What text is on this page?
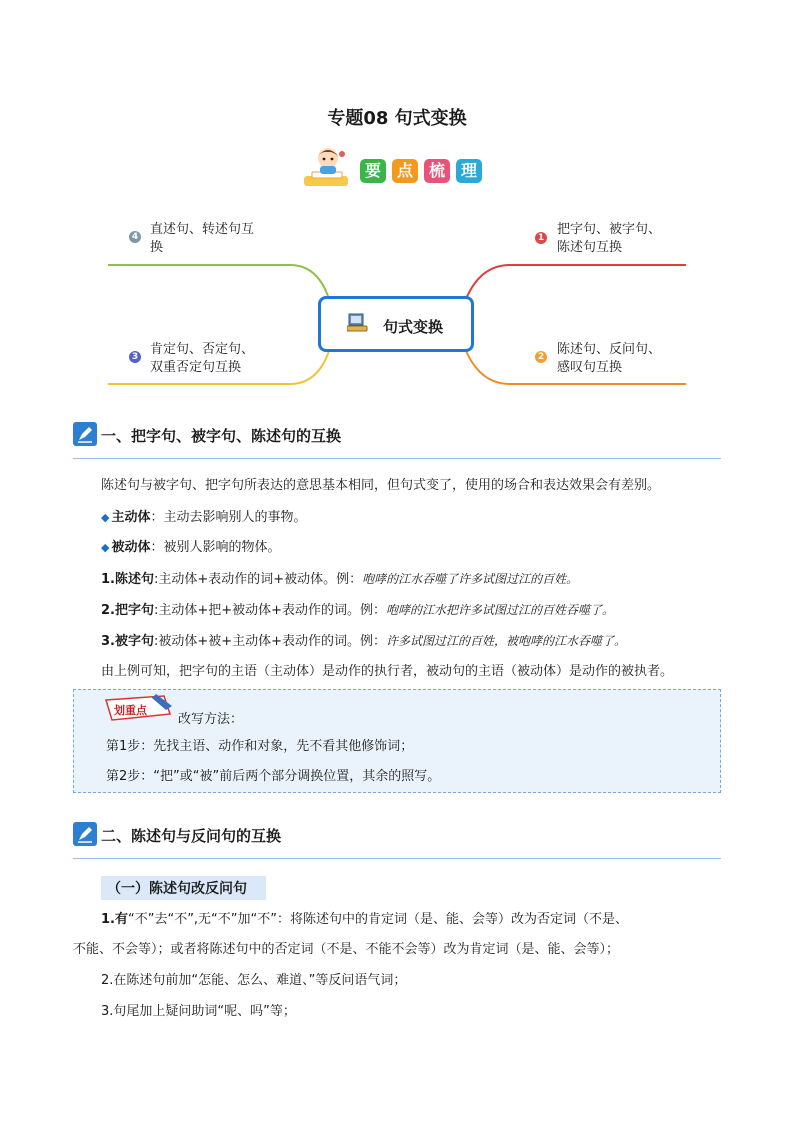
专题08 句式变换
要 点 梳 理
4 直述句、转述句互
换
1
把字句、被字句、
陈述句互换
3 肯定句、否定句、
双重否定句互换
2 陈述句、反问句、
感叹句互换
句式变换
一、把字句、被字句、陈述句的互换
陈述句与被字句、把字句所表达的意思基本相同，但句式变了，使用的场合和表达效果会有差别。
◆ 主动体：主动去影响别人的事物。
◆ 被动体：被别人影响的物体。
1.陈述句:主动体+表动作的词+被动体。例：咆哮的江水吞噬了许多试图过江的百姓。
2.把字句:主动体+把+被动体+表动作的词。例：咆哮的江水把许多试图过江的百姓吞噬了。
3.被字句:被动体+被+主动体+表动作的词。例：许多试图过江的百姓，被咆哮的江水吞噬了。
由上例可知，把字句的主语（主动体）是动作的执行者，被动句的主语（被动体）是动作的被执者。
划重点
改写方法：
第1步：先找主语、动作和对象，先不看其他修饰词；
第2步：“把”或“被”前后两个部分调换位置，其余的照写。
二、陈述句与反问句的互换
（一）陈述句改反问句
1.有“不”去“不”,无“不”加“不”：将陈述句中的肯定词（是、能、会等）改为否定词（不是、
不能、不会等）；或者将陈述句中的否定词（不是、不能不会等）改为肯定词（是、能、会等）；
2.在陈述句前加“怎能、怎么、难道、”等反问语气词；
3.句尾加上疑问助词“呢、吗”等；
